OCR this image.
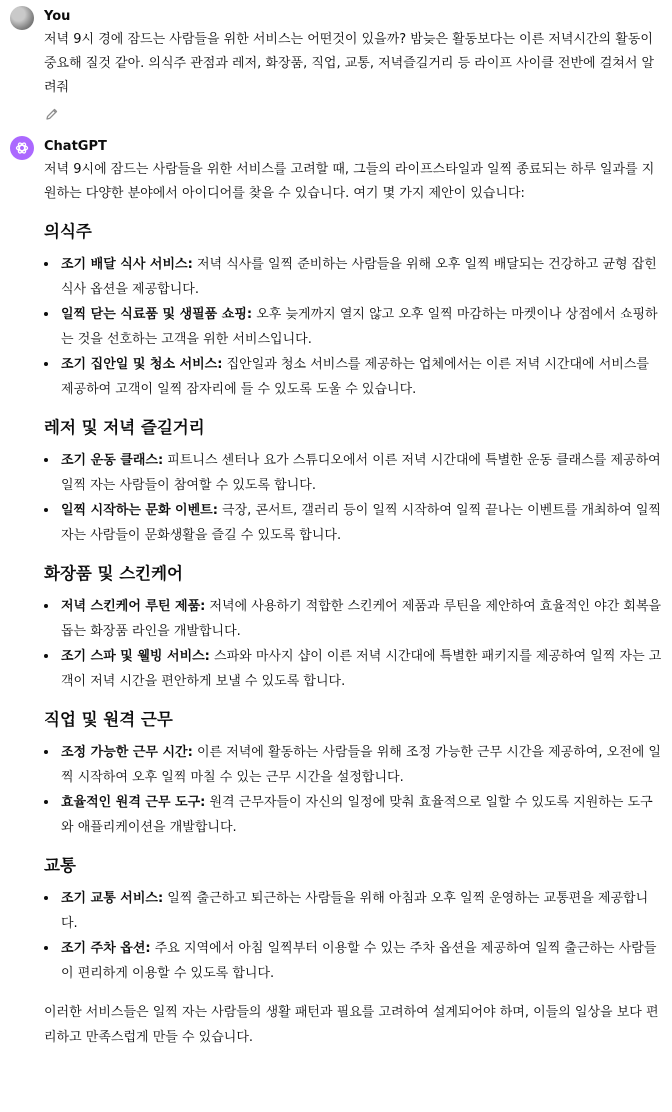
You
저녁 9시 경에 잠드는 사람들을 위한 서비스는 어떤것이 있을까? 밤늦은 활동보다는 이른 저녁시간의 활동이 중요해 질것 같아. 의식주 관점과 레저, 화장품, 직업, 교통, 저녁즐길거리 등 라이프 사이클 전반에 걸쳐서 알려줘
ChatGPT
저녁 9시에 잠드는 사람들을 위한 서비스를 고려할 때, 그들의 라이프스타일과 일찍 종료되는 하루 일과를 지원하는 다양한 분야에서 아이디어를 찾을 수 있습니다. 여기 몇 가지 제안이 있습니다:
의식주
조기 배달 식사 서비스: 저녁 식사를 일찍 준비하는 사람들을 위해 오후 일찍 배달되는 건강하고 균형 잡힌 식사 옵션을 제공합니다.
일찍 닫는 식료품 및 생필품 쇼핑: 오후 늦게까지 열지 않고 오후 일찍 마감하는 마켓이나 상점에서 쇼핑하는 것을 선호하는 고객을 위한 서비스입니다.
조기 집안일 및 청소 서비스: 집안일과 청소 서비스를 제공하는 업체에서는 이른 저녁 시간대에 서비스를 제공하여 고객이 일찍 잠자리에 들 수 있도록 도울 수 있습니다.
레저 및 저녁 즐길거리
조기 운동 클래스: 피트니스 센터나 요가 스튜디오에서 이른 저녁 시간대에 특별한 운동 클래스를 제공하여 일찍 자는 사람들이 참여할 수 있도록 합니다.
일찍 시작하는 문화 이벤트: 극장, 콘서트, 갤러리 등이 일찍 시작하여 일찍 끝나는 이벤트를 개최하여 일찍 자는 사람들이 문화생활을 즐길 수 있도록 합니다.
화장품 및 스킨케어
저녁 스킨케어 루틴 제품: 저녁에 사용하기 적합한 스킨케어 제품과 루틴을 제안하여 효율적인 야간 회복을 돕는 화장품 라인을 개발합니다.
조기 스파 및 웰빙 서비스: 스파와 마사지 샵이 이른 저녁 시간대에 특별한 패키지를 제공하여 일찍 자는 고객이 저녁 시간을 편안하게 보낼 수 있도록 합니다.
직업 및 원격 근무
조정 가능한 근무 시간: 이른 저녁에 활동하는 사람들을 위해 조정 가능한 근무 시간을 제공하여, 오전에 일찍 시작하여 오후 일찍 마칠 수 있는 근무 시간을 설정합니다.
효율적인 원격 근무 도구: 원격 근무자들이 자신의 일정에 맞춰 효율적으로 일할 수 있도록 지원하는 도구와 애플리케이션을 개발합니다.
교통
조기 교통 서비스: 일찍 출근하고 퇴근하는 사람들을 위해 아침과 오후 일찍 운영하는 교통편을 제공합니다.
조기 주차 옵션: 주요 지역에서 아침 일찍부터 이용할 수 있는 주차 옵션을 제공하여 일찍 출근하는 사람들이 편리하게 이용할 수 있도록 합니다.
이러한 서비스들은 일찍 자는 사람들의 생활 패턴과 필요를 고려하여 설계되어야 하며, 이들의 일상을 보다 편리하고 만족스럽게 만들 수 있습니다.
